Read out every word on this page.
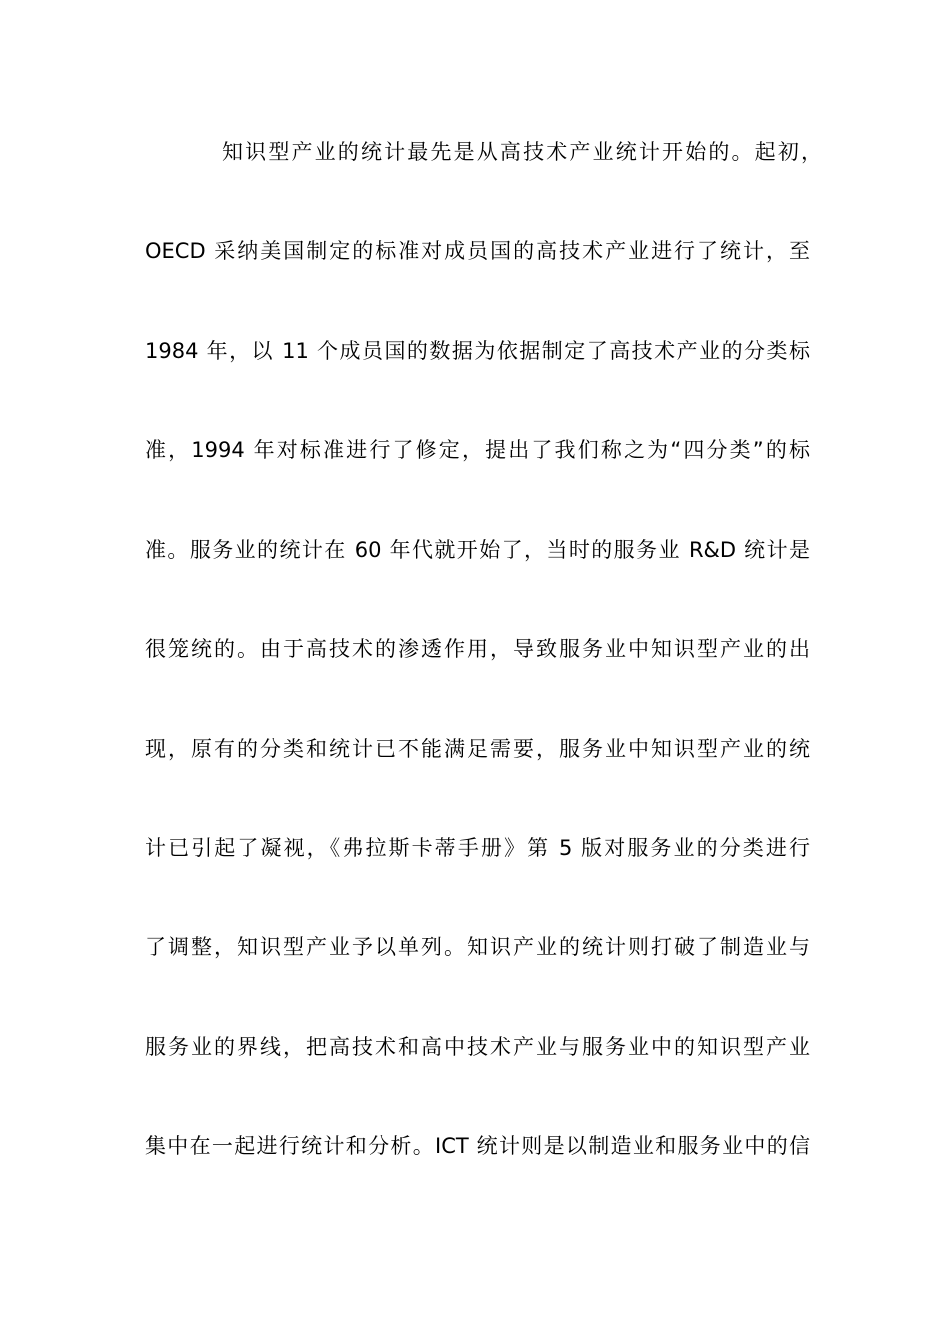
知识型产业的统计最先是从高技术产业统计开始的。起初，
OECD 采纳美国制定的标准对成员国的高技术产业进行了统计，至
1984 年，以 11 个成员国的数据为依据制定了高技术产业的分类标
准，1994 年对标准进行了修定，提出了我们称之为“四分类”的标
准。服务业的统计在 60 年代就开始了，当时的服务业 R&D 统计是
很笼统的。由于高技术的渗透作用，导致服务业中知识型产业的出
现，原有的分类和统计已不能满足需要，服务业中知识型产业的统
计已引起了凝视，《弗拉斯卡蒂手册》第 5 版对服务业的分类进行
了调整，知识型产业予以单列。知识产业的统计则打破了制造业与
服务业的界线，把高技术和高中技术产业与服务业中的知识型产业
集中在一起进行统计和分析。ICT 统计则是以制造业和服务业中的信
